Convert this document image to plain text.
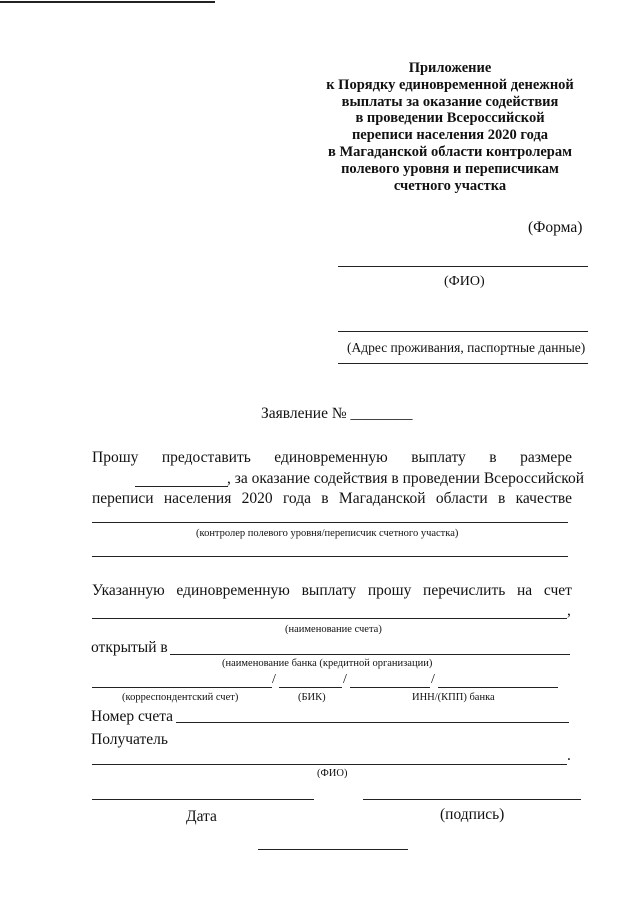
Приложение
к Порядку единовременной денежной
выплаты за оказание содействия
в проведении Всероссийской
переписи населения 2020 года
в Магаданской области контролерам
полевого уровня и переписчикам
счетного участка
(Форма)
(ФИО)
(Адрес проживания, паспортные данные)
Заявление № ________
Прошу предоставить единовременную выплату в размере
, за оказание содействия в проведении Всероссийской
переписи населения 2020 года в Магаданской области в качестве
(контролер полевого уровня/переписчик счетного участка)
Указанную единовременную выплату прошу перечислить на счет
,
(наименование счета)
открытый в
(наименование банка (кредитной организации)
/	/	/
(корреспондентский счет)	(БИК)	ИНН/(КПП) банка
Номер счета
Получатель
.
(ФИО)
Дата	(подпись)
